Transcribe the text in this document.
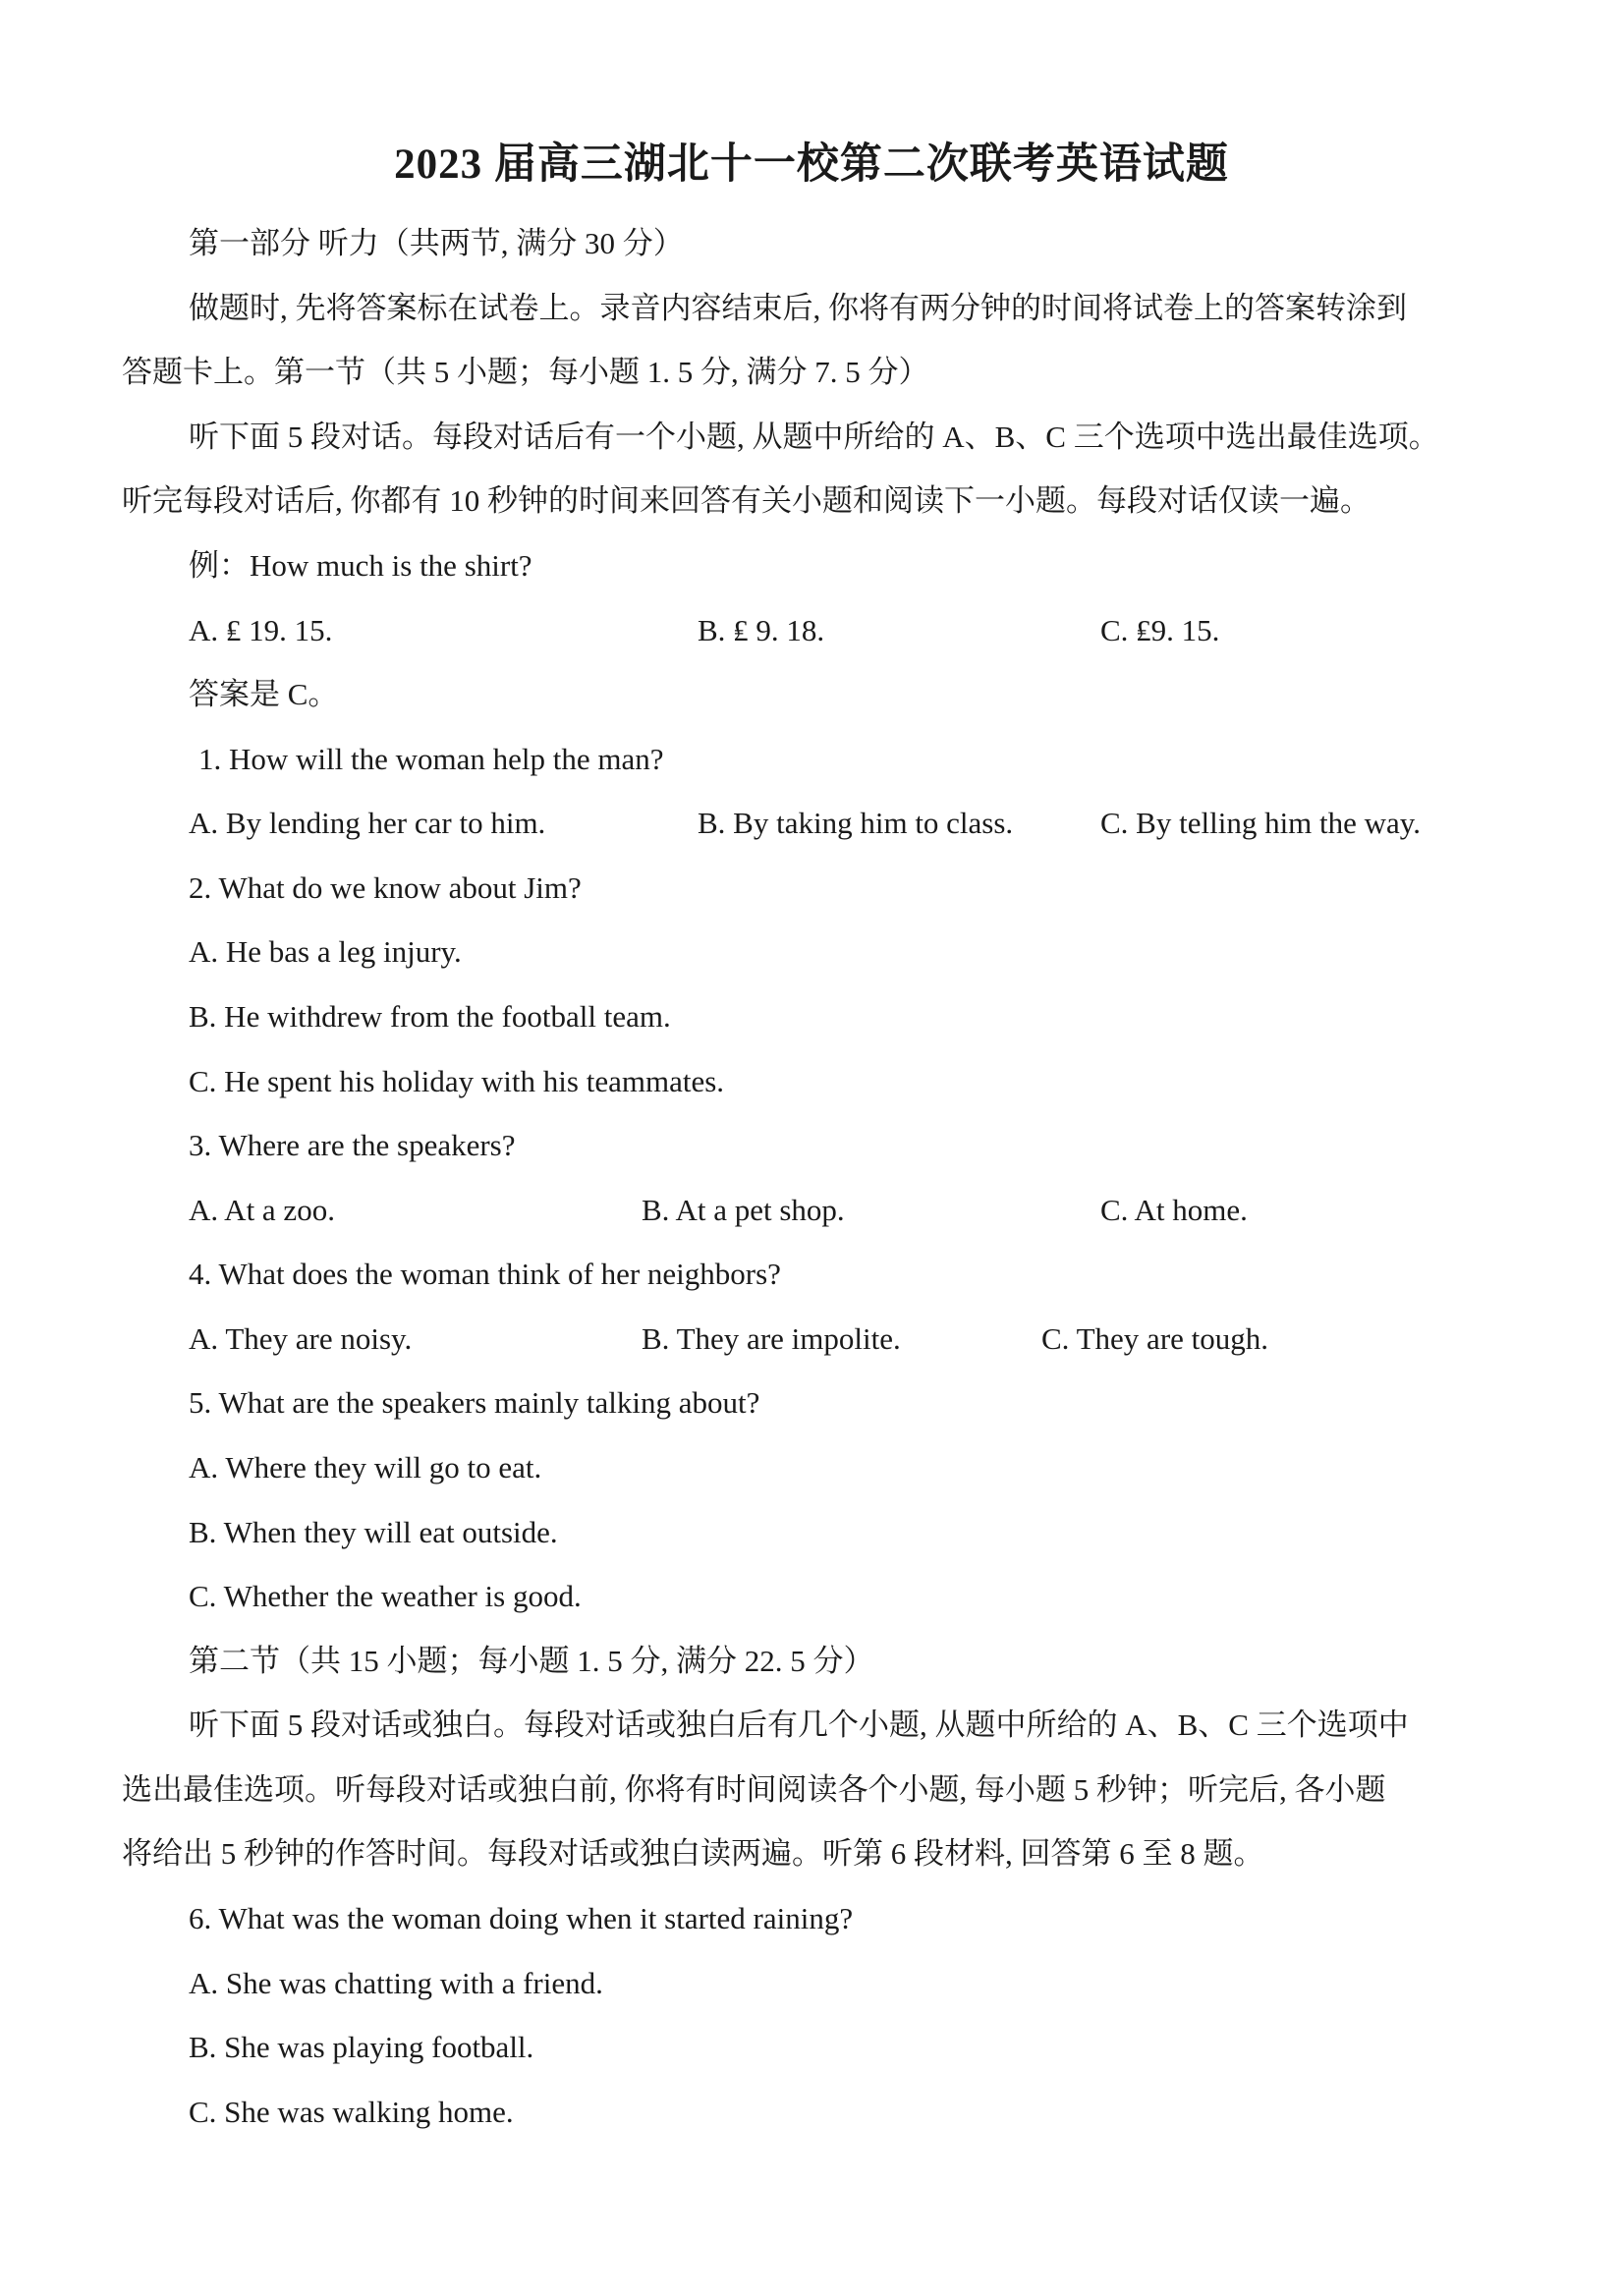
2023 届高三湖北十一校第二次联考英语试题
第一部分 听力（共两节, 满分 30 分）
做题时, 先将答案标在试卷上。录音内容结束后, 你将有两分钟的时间将试卷上的答案转涂到
答题卡上。第一节（共 5 小题；每小题 1. 5 分, 满分 7. 5 分）
听下面 5 段对话。每段对话后有一个小题, 从题中所给的 A、B、C 三个选项中选出最佳选项。
听完每段对话后, 你都有 10 秒钟的时间来回答有关小题和阅读下一小题。每段对话仅读一遍。
例：How much is the shirt?
A. ₤ 19. 15.	B. ₤ 9. 18.	C. ₤9. 15.
答案是 C。
1. How will the woman help the man?
A. By lending her car to him.	B. By taking him to class.	C. By telling him the way.
2. What do we know about Jim?
A. He bas a leg injury.
B. He withdrew from the football team.
C. He spent his holiday with his teammates.
3. Where are the speakers?
A. At a zoo.	B. At a pet shop.	C. At home.
4. What does the woman think of her neighbors?
A. They are noisy.	B. They are impolite.	C. They are tough.
5. What are the speakers mainly talking about?
A. Where they will go to eat.
B. When they will eat outside.
C. Whether the weather is good.
第二节（共 15 小题；每小题 1. 5 分, 满分 22. 5 分）
听下面 5 段对话或独白。每段对话或独白后有几个小题, 从题中所给的 A、B、C 三个选项中
选出最佳选项。听每段对话或独白前, 你将有时间阅读各个小题, 每小题 5 秒钟；听完后, 各小题
将给出 5 秒钟的作答时间。每段对话或独白读两遍。听第 6 段材料, 回答第 6 至 8 题。
6. What was the woman doing when it started raining?
A. She was chatting with a friend.
B. She was playing football.
C. She was walking home.
